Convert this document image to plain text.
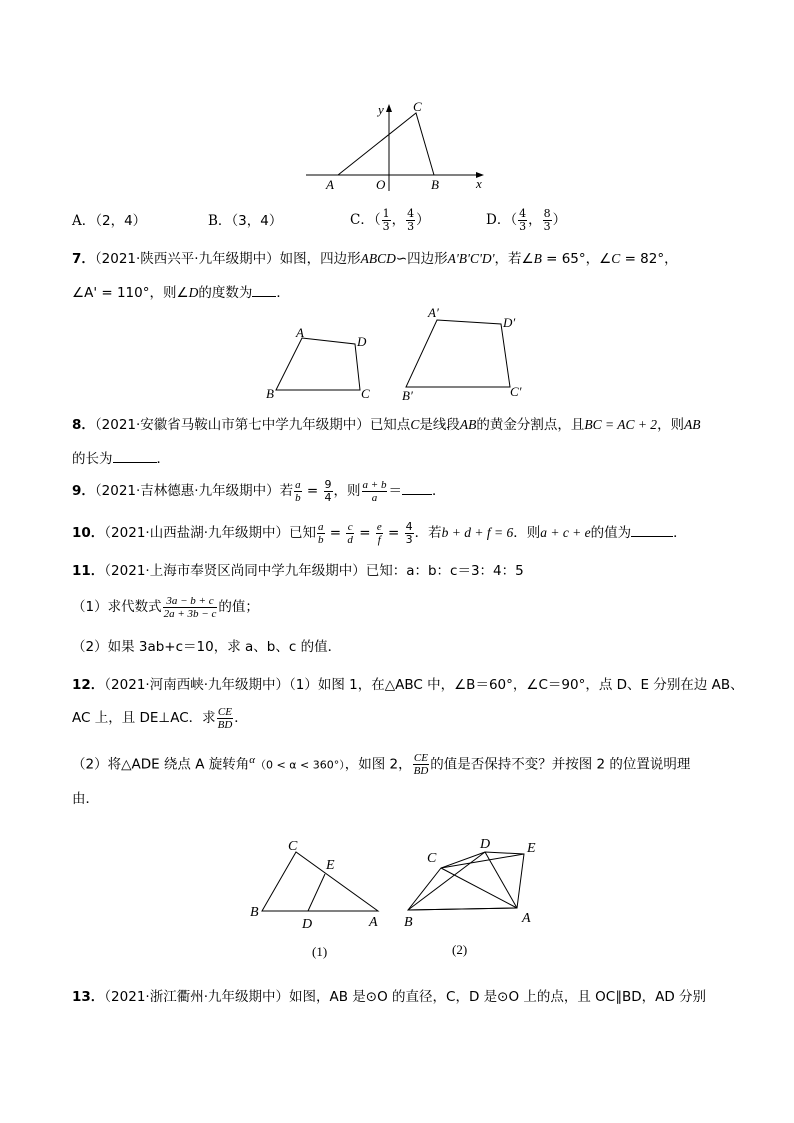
y
x
C
A	O	B
A．（2，4）	B．（3，4）	C．（ $\frac{1}{3}$ ， $\frac{4}{3}$ ）	D．（ $\frac{4}{3}$ ， $\frac{8}{3}$ ）
7．（2021·陕西兴平·九年级期中）如图，四边形ABCD∽四边形A'B'C'D'，若∠B = 65°，∠C = 82°，
∠A' = 110°，则∠D的度数为 ．
A
D
B	C
A′
D′
B′	C′
8．（2021·安徽省马鞍山市第七中学九年级期中）已知点C是线段AB的黄金分割点，且BC = AC + 2，则AB
的长为	．
9．（2021·吉林德惠·九年级期中）若 $\frac{a}{b} = \frac{9}{4}$ ，则 $\frac{a + b}{a}$ ＝ ．
10．（2021·山西盐湖·九年级期中）已知 $\frac{a}{b} = \frac{c}{d} = \frac{e}{f} = \frac{4}{3}$ ．若b + d + f = 6．则a + c + e的值为	．
11．（2021·上海市奉贤区尚同中学九年级期中）已知：a：b：c＝3：4：5
（1）求代数式 $\frac{3a - b + c}{2a + 3b - c}$ 的值；
（2）如果 3ab+c＝10，求 a、b、c 的值．
12．（2021·河南西峡·九年级期中）（1）如图 1，在△ABC 中，∠B＝60°，∠C＝90°，点 D、E 分别在边 AB、
AC 上，且 DE⊥AC．求 $\frac{CE}{BD}$ ．
（2）将△ADE 绕点 A 旋转角$^\alpha$（0 < α < 360°），如图 2， $\frac{CE}{BD}$ 的值是否保持不变？并按图 2 的位置说明理
由．
C
E
B
D	A
(1)
C
D	E
B	A
(2)
13．（2021·浙江衢州·九年级期中）如图，AB 是⊙O 的直径，C，D 是⊙O 上的点，且 OC∥BD，AD 分别
